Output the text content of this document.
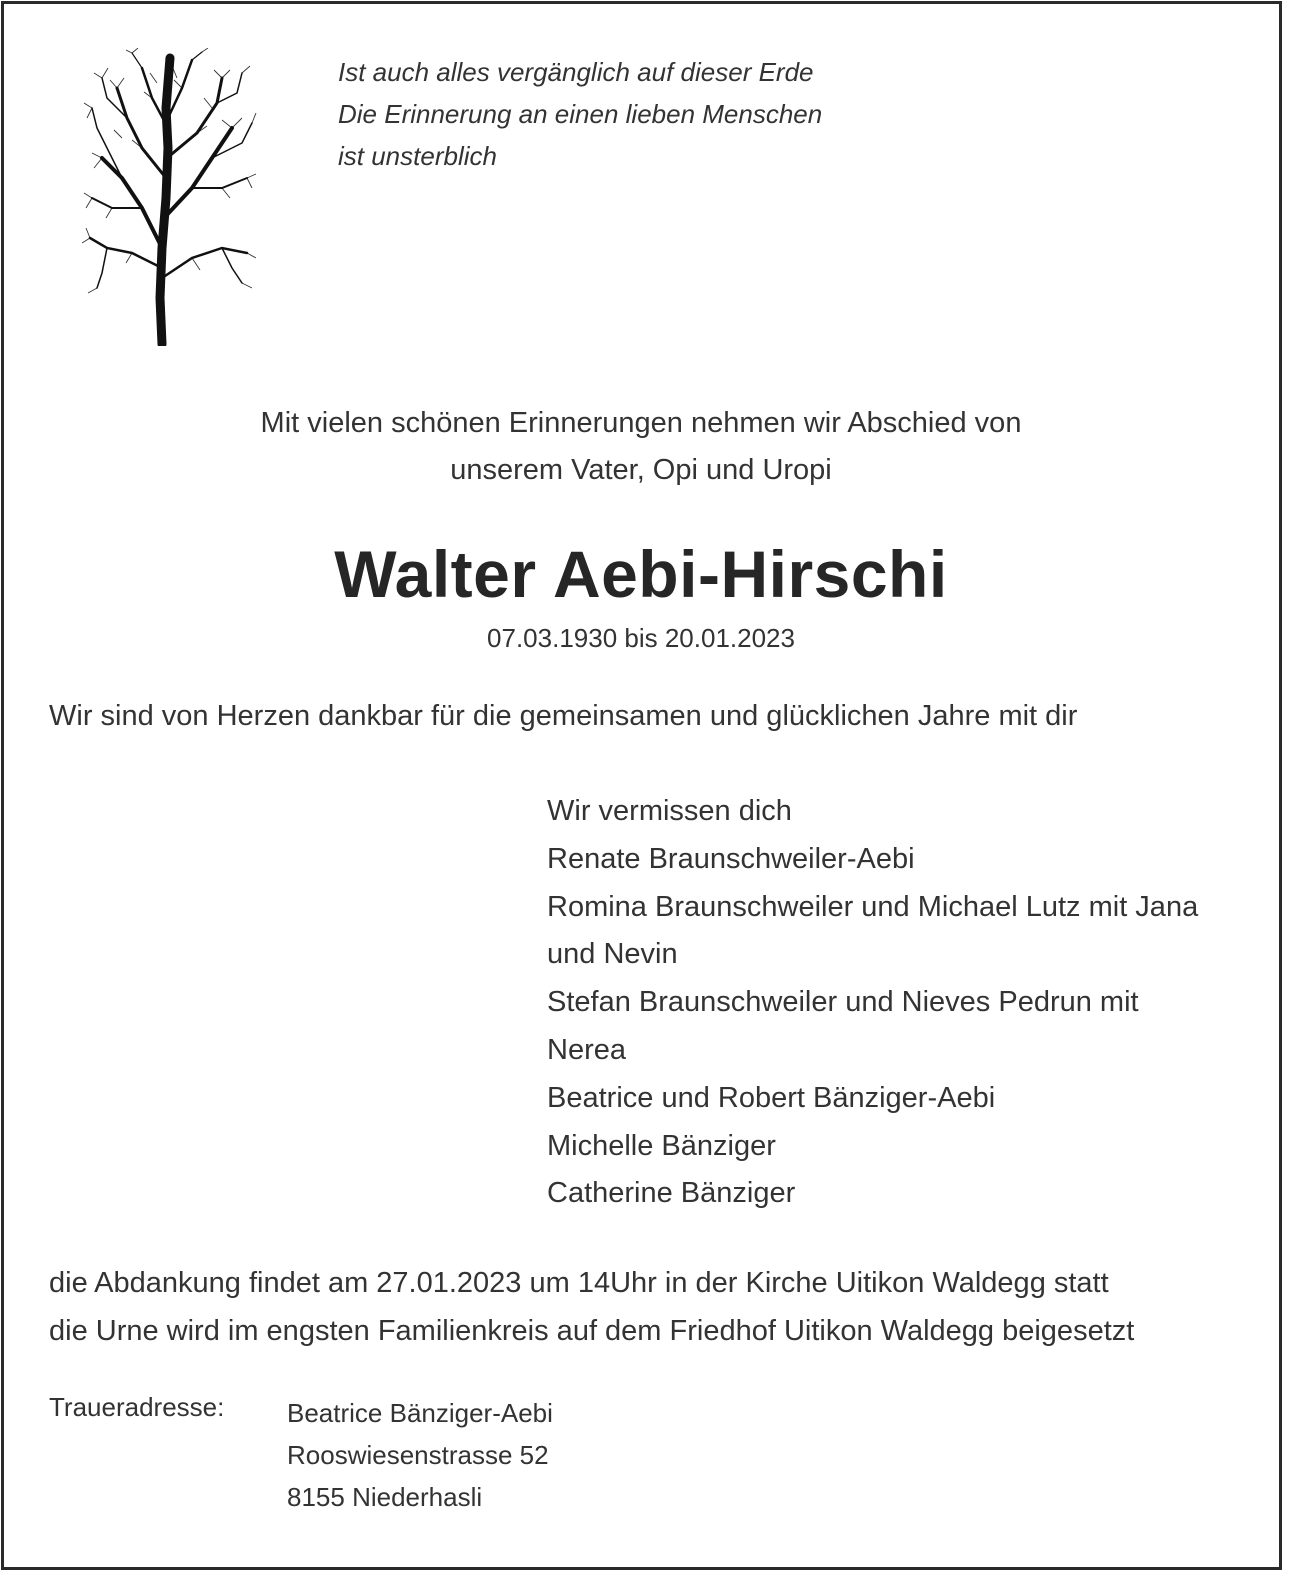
Ist auch alles vergänglich auf dieser Erde
Die Erinnerung an einen lieben Menschen
ist unsterblich
Mit vielen schönen Erinnerungen nehmen wir Abschied von
unserem Vater, Opi und Uropi
Walter Aebi-Hirschi
07.03.1930 bis 20.01.2023
Wir sind von Herzen dankbar für die gemeinsamen und glücklichen Jahre mit dir
Wir vermissen dich
Renate Braunschweiler-Aebi
Romina Braunschweiler und Michael Lutz mit Jana
und Nevin
Stefan Braunschweiler und Nieves Pedrun mit
Nerea
Beatrice und Robert Bänziger-Aebi
Michelle Bänziger
Catherine Bänziger
die Abdankung findet am 27.01.2023 um 14Uhr in der Kirche Uitikon Waldegg statt
die Urne wird im engsten Familienkreis auf dem Friedhof Uitikon Waldegg beigesetzt
Traueradresse: Beatrice Bänziger-Aebi
Rooswiesenstrasse 52
8155 Niederhasli
